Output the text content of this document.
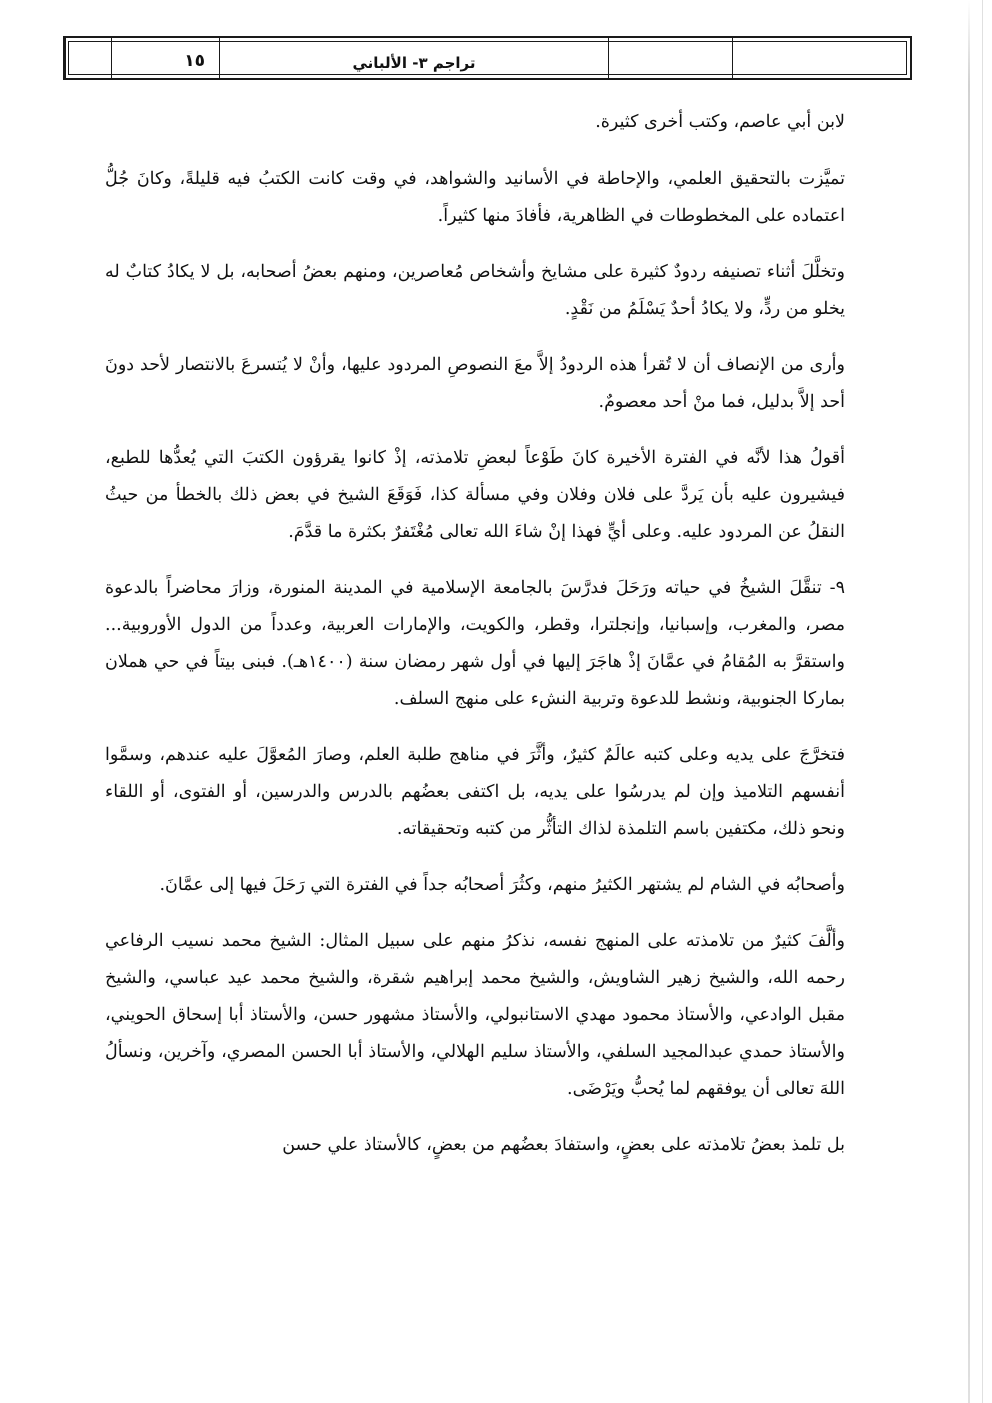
١٥	تراجم ٣- الألباني

لابن أبي عاصم، وكتب أخرى كثيرة.

تميَّزت بالتحقيق العلمي، والإحاطة في الأسانيد والشواهد، في وقت كانت الكتبُ فيه قليلةً، وكانَ جُلُّ اعتماده على المخطوطات في الظاهرية، فأفادَ منها كثيراً.

وتخلَّلَ أثناء تصنيفه ردودٌ كثيرة على مشايخ وأشخاص مُعاصرين، ومنهم بعضُ أصحابه، بل لا يكادُ كتابٌ له يخلو من ردٍّ، ولا يكادُ أحدٌ يَسْلَمُ من نَقْدٍ.

وأرى من الإنصاف أن لا تُقرأ هذه الردودُ إلاَّ معَ النصوصِ المردود عليها، وأنْ لا يُتسرعَ بالانتصار لأحد دونَ أحد إلاَّ بدليل، فما منْ أحد معصومٌ.

أقولُ هذا لأنَّه في الفترة الأخيرة كانَ طَوْعاً لبعضِ تلامذته، إذْ كانوا يقرؤون الكتبَ التي يُعدُّها للطبع، فيشيرون عليه بأن يَردَّ على فلان وفلان وفي مسألة كذا، فَوَقَعَ الشيخ في بعض ذلك بالخطأ من حيثُ النقلُ عن المردود عليه. وعلى أيٍّ فهذا إنْ شاءَ الله تعالى مُغْتَفرٌ بكثرة ما قدَّمَ.

٩- تنقَّلَ الشيخُ في حياته ورَحَلَ فدرَّسَ بالجامعة الإسلامية في المدينة المنورة، وزارَ محاضراً بالدعوة مصر، والمغرب، وإسبانيا، وإنجلترا، وقطر، والكويت، والإمارات العربية، وعدداً من الدول الأوروبية... واستقرَّ به المُقامُ في عمَّانَ إذْ هاجَرَ إليها في أول شهر رمضان سنة (١٤٠٠هـ). فبنى بيتاً في حي هملان بماركا الجنوبية، ونشط للدعوة وتربية النشء على منهج السلف.

فتخرَّجَ على يديه وعلى كتبه عالَمٌ كثيرٌ، وأثَّرَ في مناهج طلبة العلم، وصارَ المُعوَّلَ عليه عندهم، وسمَّوا أنفسهم التلاميذ وإن لم يدرسُوا على يديه، بل اكتفى بعضُهم بالدرس والدرسين، أو الفتوى، أو اللقاء ونحو ذلك، مكتفين باسم التلمذة لذاك التأثُّر من كتبه وتحقيقاته.

وأصحابُه في الشام لم يشتهر الكثيرُ منهم، وكثُرَ أصحابُه جداً في الفترة التي رَحَلَ فيها إلى عمَّانَ.

وألَّفَ كثيرٌ من تلامذته على المنهج نفسه، نذكرُ منهم على سبيل المثال: الشيخ محمد نسيب الرفاعي رحمه الله، والشيخ زهير الشاويش، والشيخ محمد إبراهيم شقرة، والشيخ محمد عيد عباسي، والشيخ مقبل الوادعي، والأستاذ محمود مهدي الاستانبولي، والأستاذ مشهور حسن، والأستاذ أبا إسحاق الحويني، والأستاذ حمدي عبدالمجيد السلفي، والأستاذ سليم الهلالي، والأستاذ أبا الحسن المصري، وآخرين، ونسألُ اللهَ تعالى أن يوفقهم لما يُحبُّ ويَرْضَى.

بل تلمذ بعضُ تلامذته على بعضٍ، واستفادَ بعضُهم من بعضٍ، كالأستاذ علي حسن
